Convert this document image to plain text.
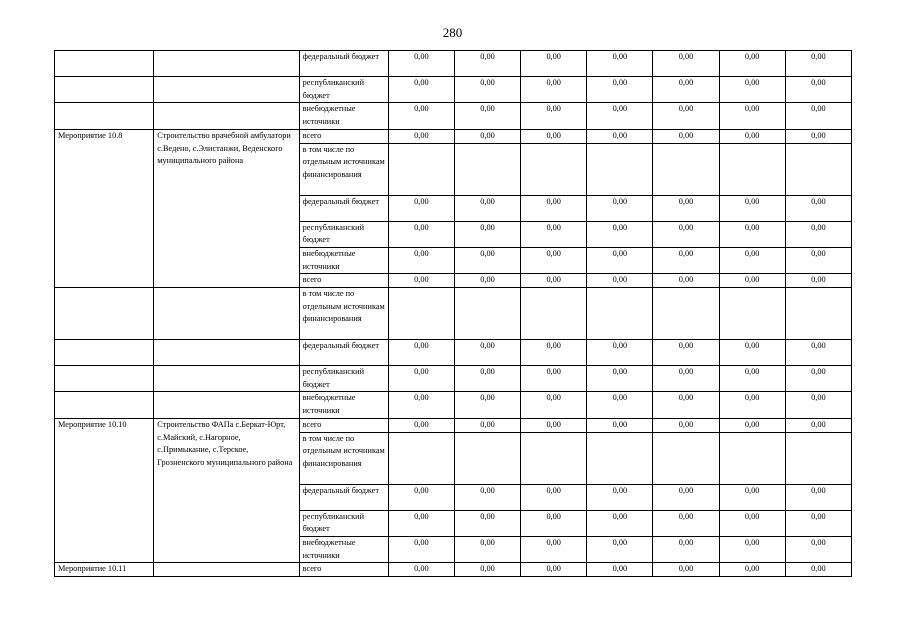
280
		федеральный бюджет	0,00	0,00	0,00	0,00	0,00	0,00	0,00
		республиканский бюджет	0,00	0,00	0,00	0,00	0,00	0,00	0,00
		внебюджетные источники	0,00	0,00	0,00	0,00	0,00	0,00	0,00
Мероприятие 10.8	Строительство врачебной амбулатори с.Ведено, с.Элистанжи, Веденского муниципального района	всего	0,00	0,00	0,00	0,00	0,00	0,00	0,00
		в том числе по отдельным источникам финансирования							
		федеральный бюджет	0,00	0,00	0,00	0,00	0,00	0,00	0,00
		республиканский бюджет	0,00	0,00	0,00	0,00	0,00	0,00	0,00
		внебюджетные источники	0,00	0,00	0,00	0,00	0,00	0,00	0,00
		всего	0,00	0,00	0,00	0,00	0,00	0,00	0,00
		в том числе по отдельным источникам финансирования							
		федеральный бюджет	0,00	0,00	0,00	0,00	0,00	0,00	0,00
		республиканский бюджет	0,00	0,00	0,00	0,00	0,00	0,00	0,00
		внебюджетные источники	0,00	0,00	0,00	0,00	0,00	0,00	0,00
Мероприятие 10.10	Строительство ФАПа с.Беркат-Юрт, с.Майский, с.Нагорное, с.Примыкание, с.Терское, Грозненского муниципального района	всего	0,00	0,00	0,00	0,00	0,00	0,00	0,00
		в том числе по отдельным источникам финансирования							
		федеральный бюджет	0,00	0,00	0,00	0,00	0,00	0,00	0,00
		республиканский бюджет	0,00	0,00	0,00	0,00	0,00	0,00	0,00
		внебюджетные источники	0,00	0,00	0,00	0,00	0,00	0,00	0,00
Мероприятие 10.11		всего	0,00	0,00	0,00	0,00	0,00	0,00	0,00
